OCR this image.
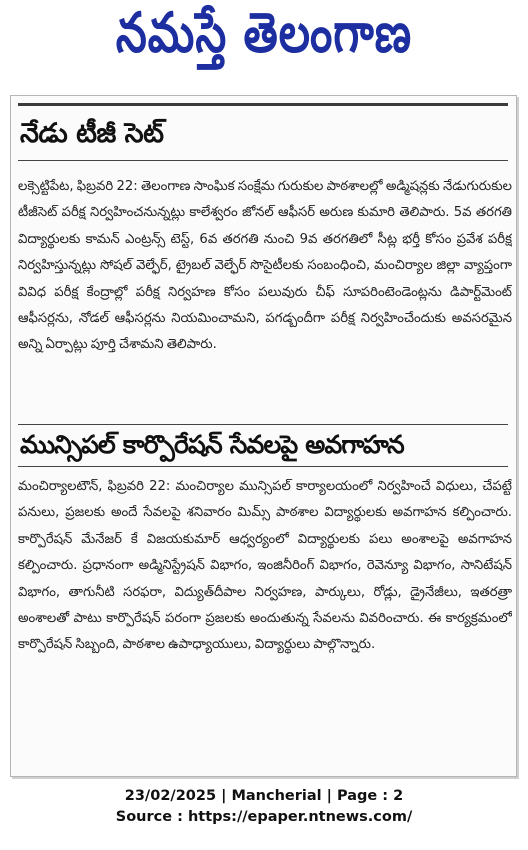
నమస్తే తెలంగాణ
నేడు టీజీ సెట్
లక్సెట్టిపేట, ఫిబ్రవరి 22: తెలంగాణ సాంఘిక సంక్షేమ గురుకుల పాఠశాలల్లో అడ్మిషన్లకు నేడుగురుకుల టీజీసెట్ పరీక్ష నిర్వహించనున్నట్లు కాలేశ్వరం జోనల్ ఆఫీసర్ అరుణ కుమారి తెలిపారు. 5వ తరగతి విద్యార్థులకు కామన్ ఎంట్రన్స్ టెస్ట్, 6వ తరగతి నుంచి 9వ తరగతిలో సీట్ల భర్తీ కోసం ప్రవేశ పరీక్ష నిర్వహిస్తున్నట్లు సోషల్ వెల్ఫేర్, ట్రైబల్ వెల్ఫేర్ సొసైటీలకు సంబంధించి, మంచిర్యాల జిల్లా వ్యాప్తంగా వివిధ పరీక్ష కేంద్రాల్లో పరీక్ష నిర్వహణ కోసం పలువురు చీఫ్ సూపరింటెండెంట్లను డిపార్ట్‌మెంట్ ఆఫీసర్లను, నోడల్ ఆఫీసర్లను నియమించామని, పగడ్బందీగా పరీక్ష నిర్వహించేందుకు అవసరమైన అన్ని ఏర్పాట్లు పూర్తి చేశామని తెలిపారు.
మున్సిపల్ కార్పొరేషన్ సేవలపై అవగాహన
మంచిర్యాలటౌన్, ఫిబ్రవరి 22: మంచిర్యాల మున్సిపల్ కార్యాలయంలో నిర్వహించే విధులు, చేపట్టే పనులు, ప్రజలకు అందే సేవలపై శనివారం మిమ్స్ పాఠశాల విద్యార్థులకు అవగాహన కల్పించారు. కార్పొరేషన్ మేనేజర్ కే విజయకుమార్ ఆధ్వర్యంలో విద్యార్థులకు పలు అంశాలపై అవగాహన కల్పించారు. ప్రధానంగా అడ్మినిస్ట్రేషన్ విభాగం, ఇంజినీరింగ్ విభాగం, రెవెన్యూ విభాగం, సానిటేషన్ విభాగం, తాగునీటి సరఫరా, విద్యుత్‌దీపాల నిర్వహణ, పార్కులు, రోడ్లు, డ్రైనేజీలు, ఇతరత్రా అంశాలతో పాటు కార్పొరేషన్ పరంగా ప్రజలకు అందుతున్న సేవలను వివరించారు. ఈ కార్యక్రమంలో కార్పొరేషన్ సిబ్బంది, పాఠశాల ఉపాధ్యాయులు, విద్యార్థులు పాల్గొన్నారు.
23/02/2025 | Mancherial | Page : 2
Source : https://epaper.ntnews.com/
